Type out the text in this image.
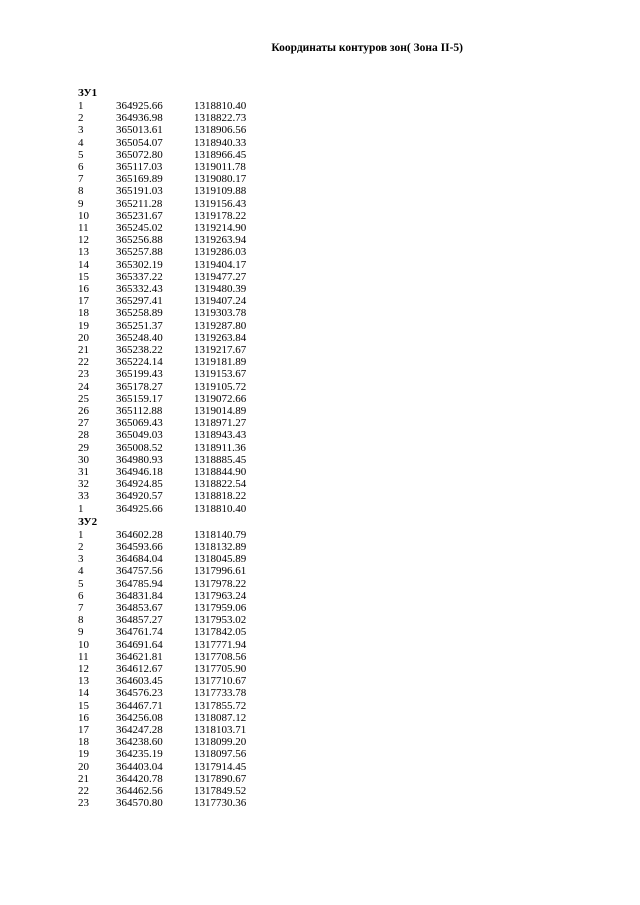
Координаты контуров зон( Зона II-5)
ЗУ1
1	364925.66	1318810.40
2	364936.98	1318822.73
3	365013.61	1318906.56
4	365054.07	1318940.33
5	365072.80	1318966.45
6	365117.03	1319011.78
7	365169.89	1319080.17
8	365191.03	1319109.88
9	365211.28	1319156.43
10 365231.67	1319178.22
11 365245.02	1319214.90
12 365256.88	1319263.94
13 365257.88	1319286.03
14 365302.19	1319404.17
15 365337.22	1319477.27
16 365332.43	1319480.39
17 365297.41	1319407.24
18 365258.89	1319303.78
19 365251.37	1319287.80
20 365248.40	1319263.84
21 365238.22	1319217.67
22 365224.14	1319181.89
23 365199.43	1319153.67
24 365178.27	1319105.72
25 365159.17	1319072.66
26 365112.88	1319014.89
27 365069.43	1318971.27
28 365049.03	1318943.43
29 365008.52	1318911.36
30 364980.93	1318885.45
31 364946.18	1318844.90
32 364924.85	1318822.54
33 364920.57	1318818.22
1	364925.66	1318810.40
ЗУ2
1	364602.28	1318140.79
2	364593.66	1318132.89
3	364684.04	1318045.89
4	364757.56	1317996.61
5	364785.94	1317978.22
6	364831.84	1317963.24
7	364853.67	1317959.06
8	364857.27	1317953.02
9	364761.74	1317842.05
10 364691.64	1317771.94
11 364621.81	1317708.56
12 364612.67	1317705.90
13 364603.45	1317710.67
14 364576.23	1317733.78
15 364467.71	1317855.72
16 364256.08	1318087.12
17 364247.28	1318103.71
18 364238.60	1318099.20
19 364235.19	1318097.56
20 364403.04	1317914.45
21 364420.78	1317890.67
22 364462.56	1317849.52
23 364570.80	1317730.36
